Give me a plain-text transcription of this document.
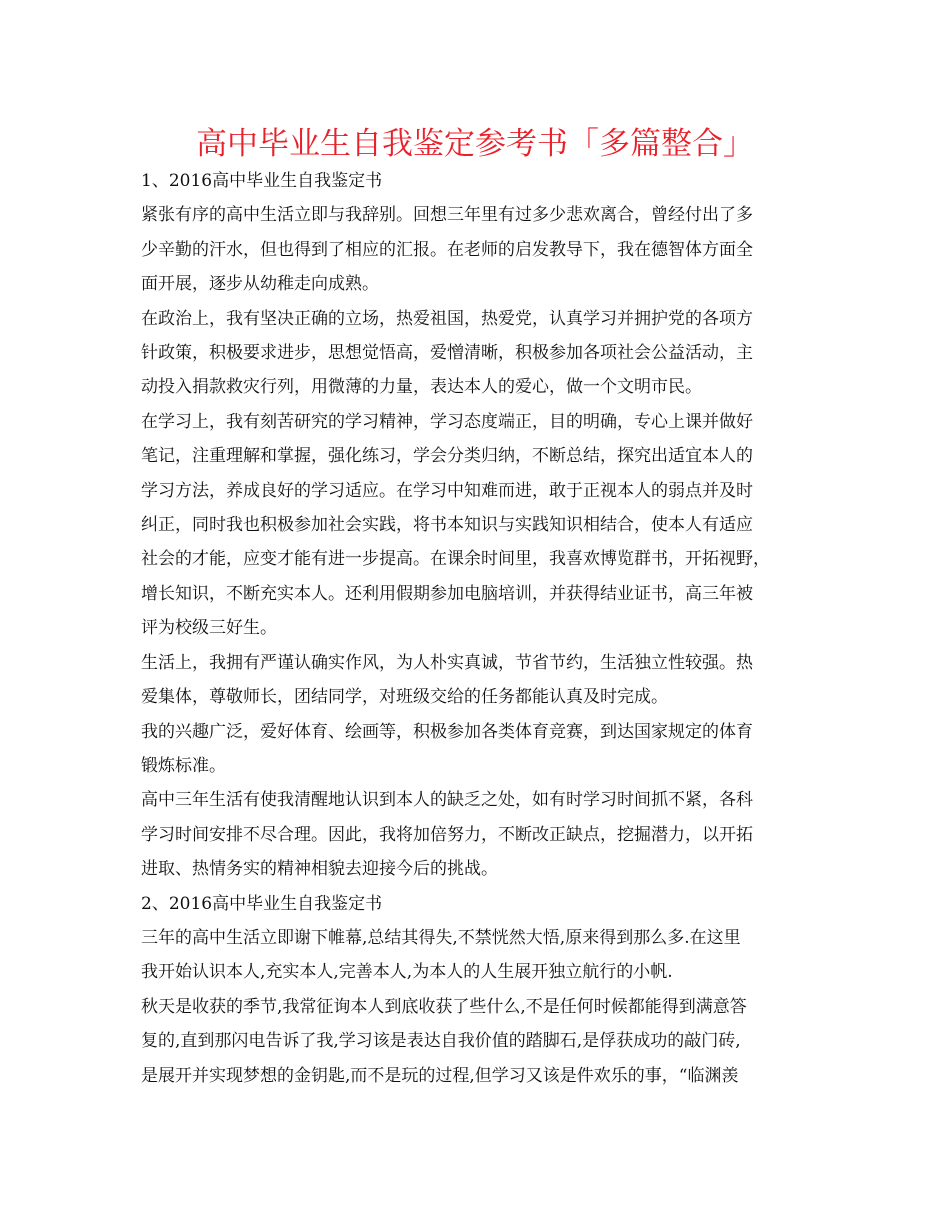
高中毕业生自我鉴定参考书「多篇整合」

1、2016高中毕业生自我鉴定书

紧张有序的高中生活立即与我辞别。回想三年里有过多少悲欢离合，曾经付出了多

少辛勤的汗水，但也得到了相应的汇报。在老师的启发教导下，我在德智体方面全

面开展，逐步从幼稚走向成熟。

在政治上，我有坚决正确的立场，热爱祖国，热爱党，认真学习并拥护党的各项方

针政策，积极要求进步，思想觉悟高，爱憎清晰，积极参加各项社会公益活动，主

动投入捐款救灾行列，用微薄的力量，表达本人的爱心，做一个文明市民。

在学习上，我有刻苦研究的学习精神，学习态度端正，目的明确，专心上课并做好

笔记，注重理解和掌握，强化练习，学会分类归纳，不断总结，探究出适宜本人的

学习方法，养成良好的学习适应。在学习中知难而进，敢于正视本人的弱点并及时

纠正，同时我也积极参加社会实践，将书本知识与实践知识相结合，使本人有适应

社会的才能，应变才能有进一步提高。在课余时间里，我喜欢博览群书，开拓视野，

增长知识，不断充实本人。还利用假期参加电脑培训，并获得结业证书，高三年被

评为校级三好生。

生活上，我拥有严谨认确实作风，为人朴实真诚，节省节约，生活独立性较强。热

爱集体，尊敬师长，团结同学，对班级交给的任务都能认真及时完成。

我的兴趣广泛，爱好体育、绘画等，积极参加各类体育竞赛，到达国家规定的体育

锻炼标准。

高中三年生活有使我清醒地认识到本人的缺乏之处，如有时学习时间抓不紧，各科

学习时间安排不尽合理。因此，我将加倍努力，不断改正缺点，挖掘潜力，以开拓

进取、热情务实的精神相貌去迎接今后的挑战。

2、2016高中毕业生自我鉴定书

三年的高中生活立即谢下帷幕,总结其得失,不禁恍然大悟,原来得到那么多.在这里

我开始认识本人,充实本人,完善本人,为本人的人生展开独立航行的小帆.

秋天是收获的季节,我常征询本人到底收获了些什么,不是任何时候都能得到满意答

复的,直到那闪电告诉了我,学习该是表达自我价值的踏脚石,是俘获成功的敲门砖,

是展开并实现梦想的金钥匙,而不是玩的过程,但学习又该是件欢乐的事，“临渊羡
